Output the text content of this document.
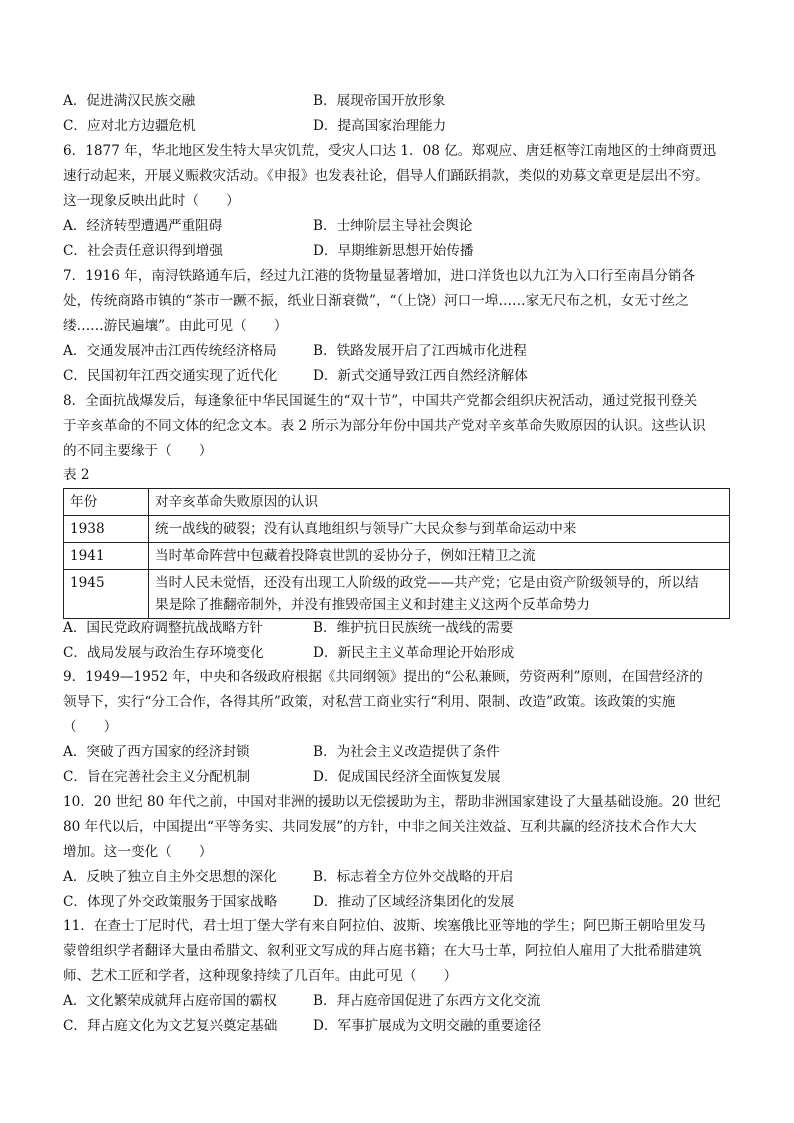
A．促进满汉民族交融	B．展现帝国开放形象
C．应对北方边疆危机	D．提高国家治理能力
6．1877 年，华北地区发生特大旱灾饥荒，受灾人口达 1．08 亿。郑观应、唐廷枢等江南地区的士绅商贾迅
速行动起来，开展义赈救灾活动。《申报》也发表社论，倡导人们踊跃捐款，类似的劝募文章更是层出不穷。
这一现象反映出此时（　　）
A．经济转型遭遇严重阻碍	B．士绅阶层主导社会舆论
C．社会责任意识得到增强	D．早期维新思想开始传播
7．1916 年，南浔铁路通车后，经过九江港的货物量显著增加，进口洋货也以九江为入口行至南昌分销各
处，传统商路市镇的“茶市一蹶不振，纸业日渐衰微”，“（上饶）河口一埠……家无尺布之机，女无寸丝之
缕……游民遍壤”。由此可见（　　）
A．交通发展冲击江西传统经济格局	B．铁路发展开启了江西城市化进程
C．民国初年江西交通实现了近代化	D．新式交通导致江西自然经济解体
8．全面抗战爆发后，每逢象征中华民国诞生的“双十节”，中国共产党都会组织庆祝活动，通过党报刊登关
于辛亥革命的不同文体的纪念文本。表 2 所示为部分年份中国共产党对辛亥革命失败原因的认识。这些认识
的不同主要缘于（　　）
表 2
年份	对辛亥革命失败原因的认识
1938	统一战线的破裂；没有认真地组织与领导广大民众参与到革命运动中来
1941	当时革命阵营中包藏着投降袁世凯的妥协分子，例如汪精卫之流
1945	当时人民未觉悟，还没有出现工人阶级的政党——共产党；它是由资产阶级领导的，所以结
果是除了推翻帝制外，并没有推毁帝国主义和封建主义这两个反革命势力
A．国民党政府调整抗战战略方针	B．维护抗日民族统一战线的需要
C．战局发展与政治生存环境变化	D．新民主主义革命理论开始形成
9．1949—1952 年，中央和各级政府根据《共同纲领》提出的“公私兼顾，劳资两利”原则，在国营经济的
领导下，实行“分工合作，各得其所”政策，对私营工商业实行“利用、限制、改造”政策。该政策的实施
（　　）
A．突破了西方国家的经济封锁	B．为社会主义改造提供了条件
C．旨在完善社会主义分配机制	D．促成国民经济全面恢复发展
10．20 世纪 80 年代之前，中国对非洲的援助以无偿援助为主，帮助非洲国家建设了大量基础设施。20 世纪
80 年代以后，中国提出“平等务实、共同发展”的方针，中非之间关注效益、互利共赢的经济技术合作大大
增加。这一变化（　　）
A．反映了独立自主外交思想的深化	B．标志着全方位外交战略的开启
C．体现了外交政策服务于国家战略	D．推动了区域经济集团化的发展
11．在查士丁尼时代，君士坦丁堡大学有来自阿拉伯、波斯、埃塞俄比亚等地的学生；阿巴斯王朝哈里发马
蒙曾组织学者翻译大量由希腊文、叙利亚文写成的拜占庭书籍；在大马士革，阿拉伯人雇用了大批希腊建筑
师、艺术工匠和学者，这种现象持续了几百年。由此可见（　　）
A．文化繁荣成就拜占庭帝国的霸权	B．拜占庭帝国促进了东西方文化交流
C．拜占庭文化为文艺复兴奠定基础	D．军事扩展成为文明交融的重要途径
